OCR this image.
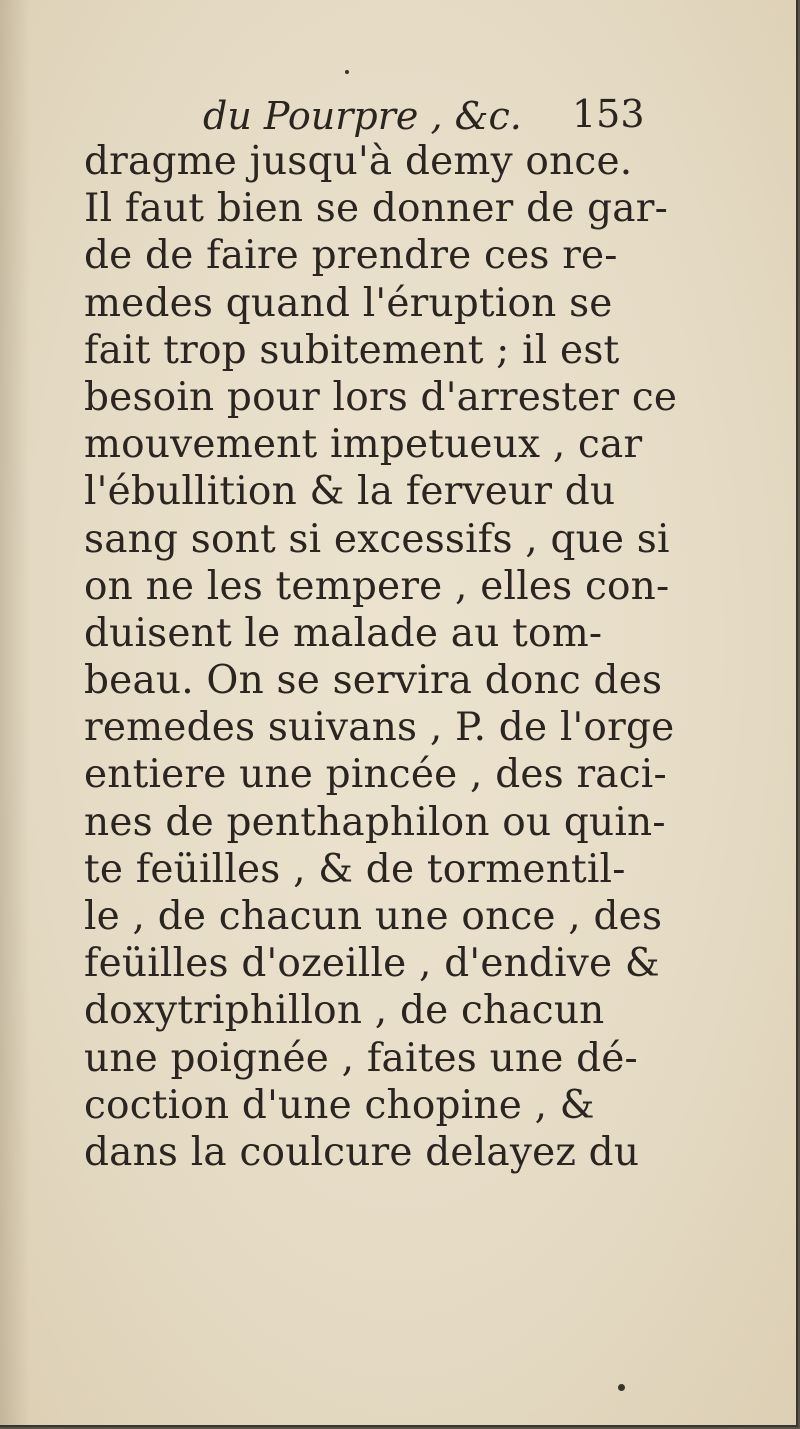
du Pourpre , &c. 153
dragme jusqu'à demy once.
Il faut bien se donner de gar-
de de faire prendre ces re-
medes quand l'éruption se
fait trop subitement ; il est
besoin pour lors d'arrester ce
mouvement impetueux , car
l'ébullition & la ferveur du
sang sont si excessifs , que si
on ne les tempere , elles con-
duisent le malade au tom-
beau. On se servira donc des
remedes suivans , P. de l'orge
entiere une pincée , des raci-
nes de penthaphilon ou quin-
te feüilles , & de tormentil-
le , de chacun une once , des
feüilles d'ozeille , d'endive &
doxytriphillon , de chacun
une poignée , faites une dé-
coction d'une chopine , &
dans la coulcure delayez du
